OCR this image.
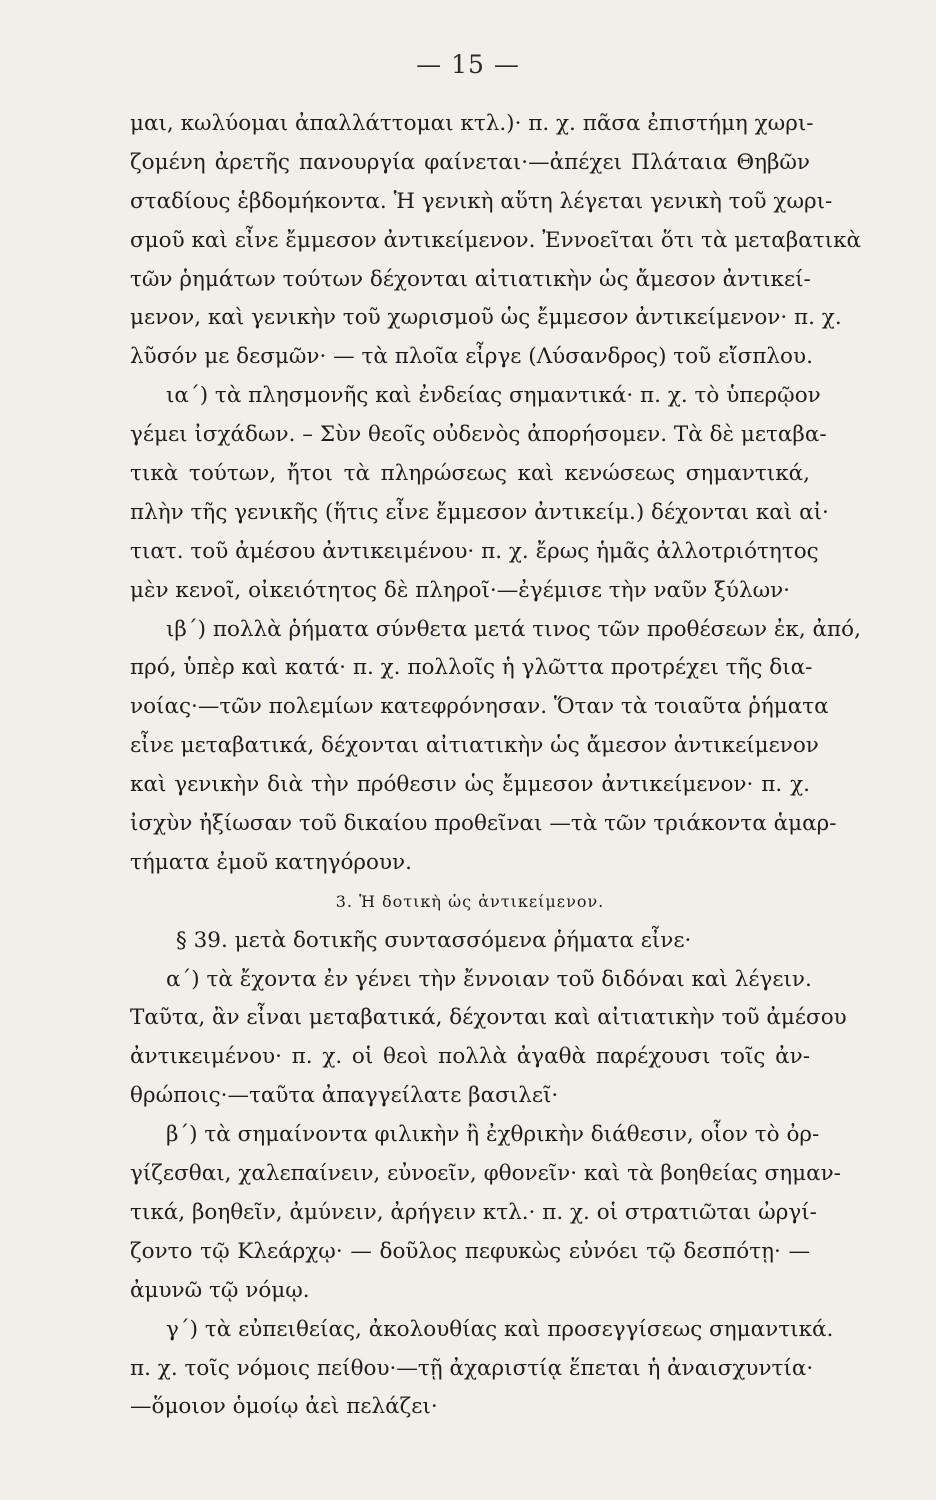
— 15 —
μαι, κωλύομαι ἀπαλλάττομαι κτλ.)· π. χ. πᾶσα ἐπιστήμη χωρι-
ζομένη ἀρετῆς πανουργία φαίνεται·—ἀπέχει Πλάταια Θηβῶν
σταδίους ἑβδομήκοντα. Ἡ γενικὴ αὕτη λέγεται γενικὴ τοῦ χωρι-
σμοῦ καὶ εἶνε ἔμμεσον ἀντικείμενον. Ἐννοεῖται ὅτι τὰ μεταβατικὰ
τῶν ῥημάτων τούτων δέχονται αἰτιατικὴν ὡς ἄμεσον ἀντικεί-
μενον, καὶ γενικὴν τοῦ χωρισμοῦ ὡς ἔμμεσον ἀντικείμενον· π. χ.
λῦσόν με δεσμῶν· — τὰ πλοῖα εἶργε (Λύσανδρος) τοῦ εἴσπλου.
ια´) τὰ πλησμονῆς καὶ ἐνδείας σημαντικά· π. χ. τὸ ὑπερῷον
γέμει ἰσχάδων. – Σὺν θεοῖς οὐδενὸς ἀπορήσομεν. Τὰ δὲ μεταβα-
τικὰ τούτων, ἤτοι τὰ πληρώσεως καὶ κενώσεως σημαντικά,
πλὴν τῆς γενικῆς (ἥτις εἶνε ἔμμεσον ἀντικείμ.) δέχονται καὶ αἰ·
τιατ. τοῦ ἀμέσου ἀντικειμένου· π. χ. ἔρως ἡμᾶς ἀλλοτριότητος
μὲν κενοῖ, οἰκειότητος δὲ πληροῖ·—ἐγέμισε τὴν ναῦν ξύλων·
ιβ´) πολλὰ ῥήματα σύνθετα μετά τινος τῶν προθέσεων ἐκ, ἀπό,
πρό, ὑπὲρ καὶ κατά· π. χ. πολλοῖς ἡ γλῶττα προτρέχει τῆς δια-
νοίας·—τῶν πολεμίων κατεφρόνησαν. Ὅταν τὰ τοιαῦτα ῥήματα
εἶνε μεταβατικά, δέχονται αἰτιατικὴν ὡς ἄμεσον ἀντικείμενον
καὶ γενικὴν διὰ τὴν πρόθεσιν ὡς ἔμμεσον ἀντικείμενον· π. χ.
ἰσχὺν ἠξίωσαν τοῦ δικαίου προθεῖναι —τὰ τῶν τριάκοντα ἁμαρ-
τήματα ἐμοῦ κατηγόρουν.
3. Ἡ δοτικὴ ὡς ἀντικείμενον.
§ 39. μετὰ δοτικῆς συντασσόμενα ῥήματα εἶνε·
α´) τὰ ἔχοντα ἐν γένει τὴν ἔννοιαν τοῦ διδόναι καὶ λέγειν.
Ταῦτα, ἂν εἶναι μεταβατικά, δέχονται καὶ αἰτιατικὴν τοῦ ἀμέσου
ἀντικειμένου· π. χ. οἱ θεοὶ πολλὰ ἀγαθὰ παρέχουσι τοῖς ἀν-
θρώποις·—ταῦτα ἀπαγγείλατε βασιλεῖ·
β´) τὰ σημαίνοντα φιλικὴν ἢ ἐχθρικὴν διάθεσιν, οἷον τὸ ὀρ-
γίζεσθαι, χαλεπαίνειν, εὐνοεῖν, φθονεῖν· καὶ τὰ βοηθείας σημαν-
τικά, βοηθεῖν, ἀμύνειν, ἀρήγειν κτλ.· π. χ. οἱ στρατιῶται ὠργί-
ζοντο τῷ Κλεάρχῳ· — δοῦλος πεφυκὼς εὐνόει τῷ δεσπότῃ· —
ἀμυνῶ τῷ νόμῳ.
γ´) τὰ εὐπειθείας, ἀκολουθίας καὶ προσεγγίσεως σημαντικά.
π. χ. τοῖς νόμοις πείθου·—τῇ ἀχαριστίᾳ ἕπεται ἡ ἀναισχυντία·
—ὅμοιον ὁμοίῳ ἀεὶ πελάζει·
